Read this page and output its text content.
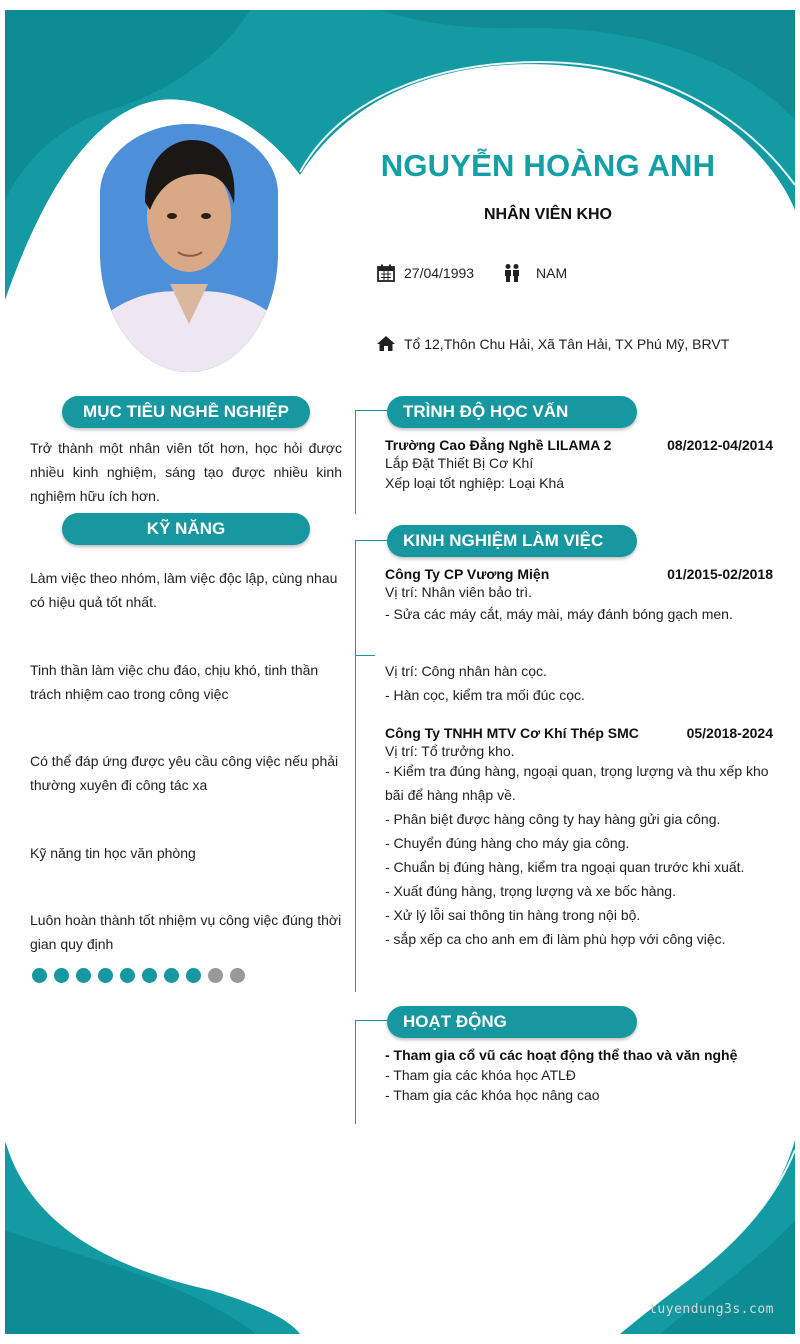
NGUYỄN HOÀNG ANH
NHÂN VIÊN KHO
27/04/1993	NAM
Tổ 12,Thôn Chu Hải, Xã Tân Hải, TX Phú Mỹ, BRVT
MỤC TIÊU NGHỀ NGHIỆP
Trở thành một nhân viên tốt hơn, học hỏi được nhiều kinh nghiệm, sáng tạo được nhiều kinh nghiệm hữu ích hơn.
KỸ NĂNG
Làm việc theo nhóm, làm việc độc lập, cùng nhau có hiệu quả tốt nhất.
Tinh thần làm việc chu đáo, chịu khó, tinh thần trách nhiệm cao trong công việc
Có thể đáp ứng được yêu cầu công việc nếu phải thường xuyên đi công tác xa
Kỹ năng tin học văn phòng
Luôn hoàn thành tốt nhiệm vụ công việc đúng thời gian quy định
TRÌNH ĐỘ HỌC VẤN
Trường Cao Đẳng Nghề LILAMA 2	08/2012-04/2014
Lắp Đặt Thiết Bị Cơ Khí
Xếp loại tốt nghiệp: Loại Khá
KINH NGHIỆM LÀM VIỆC
Công Ty CP Vương Miện	01/2015-02/2018
Vị trí: Nhân viên bảo trì.
- Sửa các máy cắt, máy mài, máy đánh bóng gạch men.
Vị trí: Công nhân hàn cọc.
- Hàn cọc, kiểm tra mối đúc cọc.
Công Ty TNHH MTV Cơ Khí Thép SMC	05/2018-2024
Vị trí: Tổ trưởng kho.
- Kiểm tra đúng hàng, ngoại quan, trọng lượng và thu xếp kho bãi để hàng nhập về.
- Phân biệt được hàng công ty hay hàng gửi gia công.
- Chuyển đúng hàng cho máy gia công.
- Chuẩn bị đúng hàng, kiểm tra ngoại quan trước khi xuất.
- Xuất đúng hàng, trọng lượng và xe bốc hàng.
- Xử lý lỗi sai thông tin hàng trong nội bộ.
- sắp xếp ca cho anh em đi làm phù hợp với công việc.
HOẠT ĐỘNG
- Tham gia cổ vũ các hoạt động thể thao và văn nghệ
- Tham gia các khóa học ATLĐ
- Tham gia các khóa học nâng cao
tuyendung3s.com
